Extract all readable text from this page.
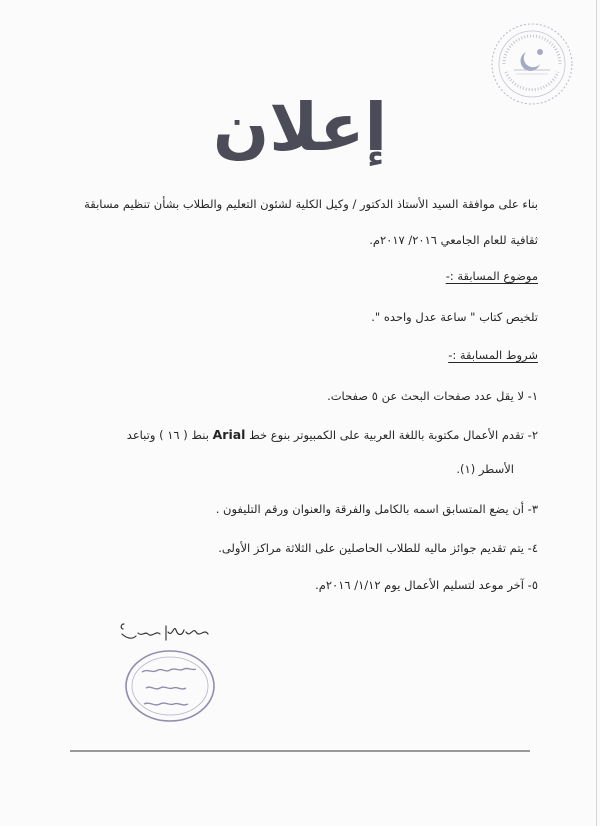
إعلان
بناء على موافقة السيد الأستاذ الدكتور / وكيل الكلية لشئون التعليم والطلاب بشأن تنظيم مسابقة
ثقافية للعام الجامعي ٢٠١٦/ ٢٠١٧م.
موضوع المسابقة :-
تلخيص كتاب " ساعة عدل واحده ".
شروط المسابقة :-
١- لا يقل عدد صفحات البحث عن ٥ صفحات.
٢- تقدم الأعمال مكتوبة باللغة العربية على الكمبيوتر بنوع خط Arial بنط ( ١٦ ) وتباعد
الأسطر (١).
٣- أن يضع المتسابق اسمه بالكامل والفرقة والعنوان ورقم التليفون .
٤- يتم تقديم جوائز ماليه للطلاب الحاصلين على الثلاثة مراكز الأولى.
٥- آخر موعد لتسليم الأعمال يوم ١/١٢/ ٢٠١٦م.
